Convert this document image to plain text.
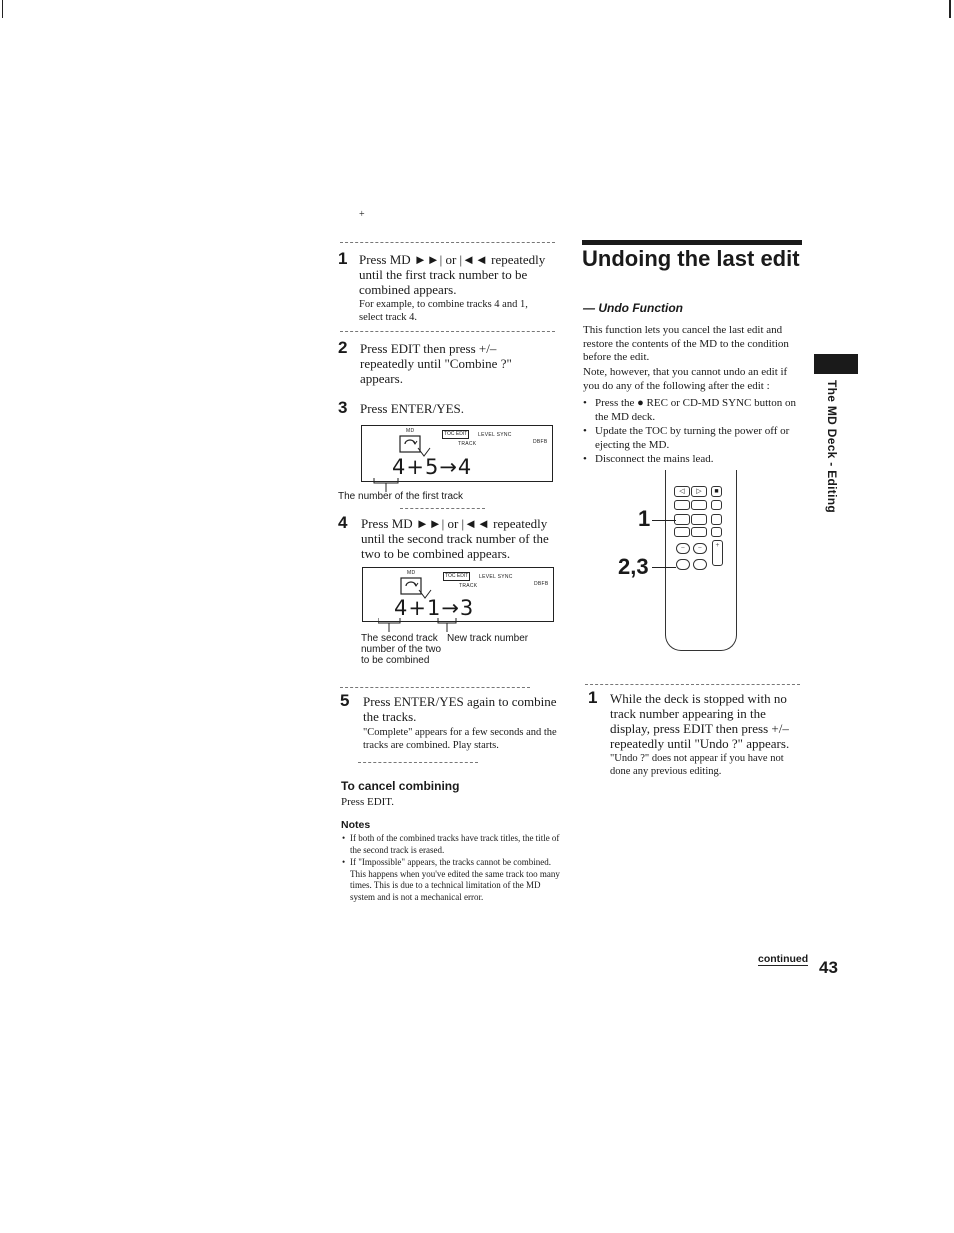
+
1 Press MD ►►| or |◄◄ repeatedly until the first track number to be combined appears.
For example, to combine tracks 4 and 1, select track 4.
2 Press EDIT then press +/– repeatedly until "Combine ?" appears.
3 Press ENTER/YES.
MD	TOC EDIT	LEVEL SYNC
TRACK	DBFB
4+5→4
The number of the first track
4 Press MD ►►| or |◄◄ repeatedly until the second track number of the two to be combined appears.
MD	TOC EDIT	LEVEL SYNC
TRACK	DBFB
4+1→3
The second track number of the two to be combined
New track number
5 Press ENTER/YES again to combine the tracks.
"Complete" appears for a few seconds and the tracks are combined. Play starts.
To cancel combining
Press EDIT.
Notes
• If both of the combined tracks have track titles, the title of the second track is erased.
• If "Impossible" appears, the tracks cannot be combined. This happens when you've edited the same track too many times. This is due to a technical limitation of the MD system and is not a mechanical error.
Undoing the last edit
— Undo Function
This function lets you cancel the last edit and restore the contents of the MD to the condition before the edit.
Note, however, that you cannot undo an edit if you do any of the following after the edit :
• Press the ● REC or CD-MD SYNC button on the MD deck.
• Update the TOC by turning the power off or ejecting the MD.
• Disconnect the mains lead.
◁	▷	■
−	−	+
1
2,3
1 While the deck is stopped with no track number appearing in the display, press EDIT then press +/– repeatedly until "Undo ?" appears.
"Undo ?" does not appear if you have not done any previous editing.
The MD Deck - Editing
continued 43
